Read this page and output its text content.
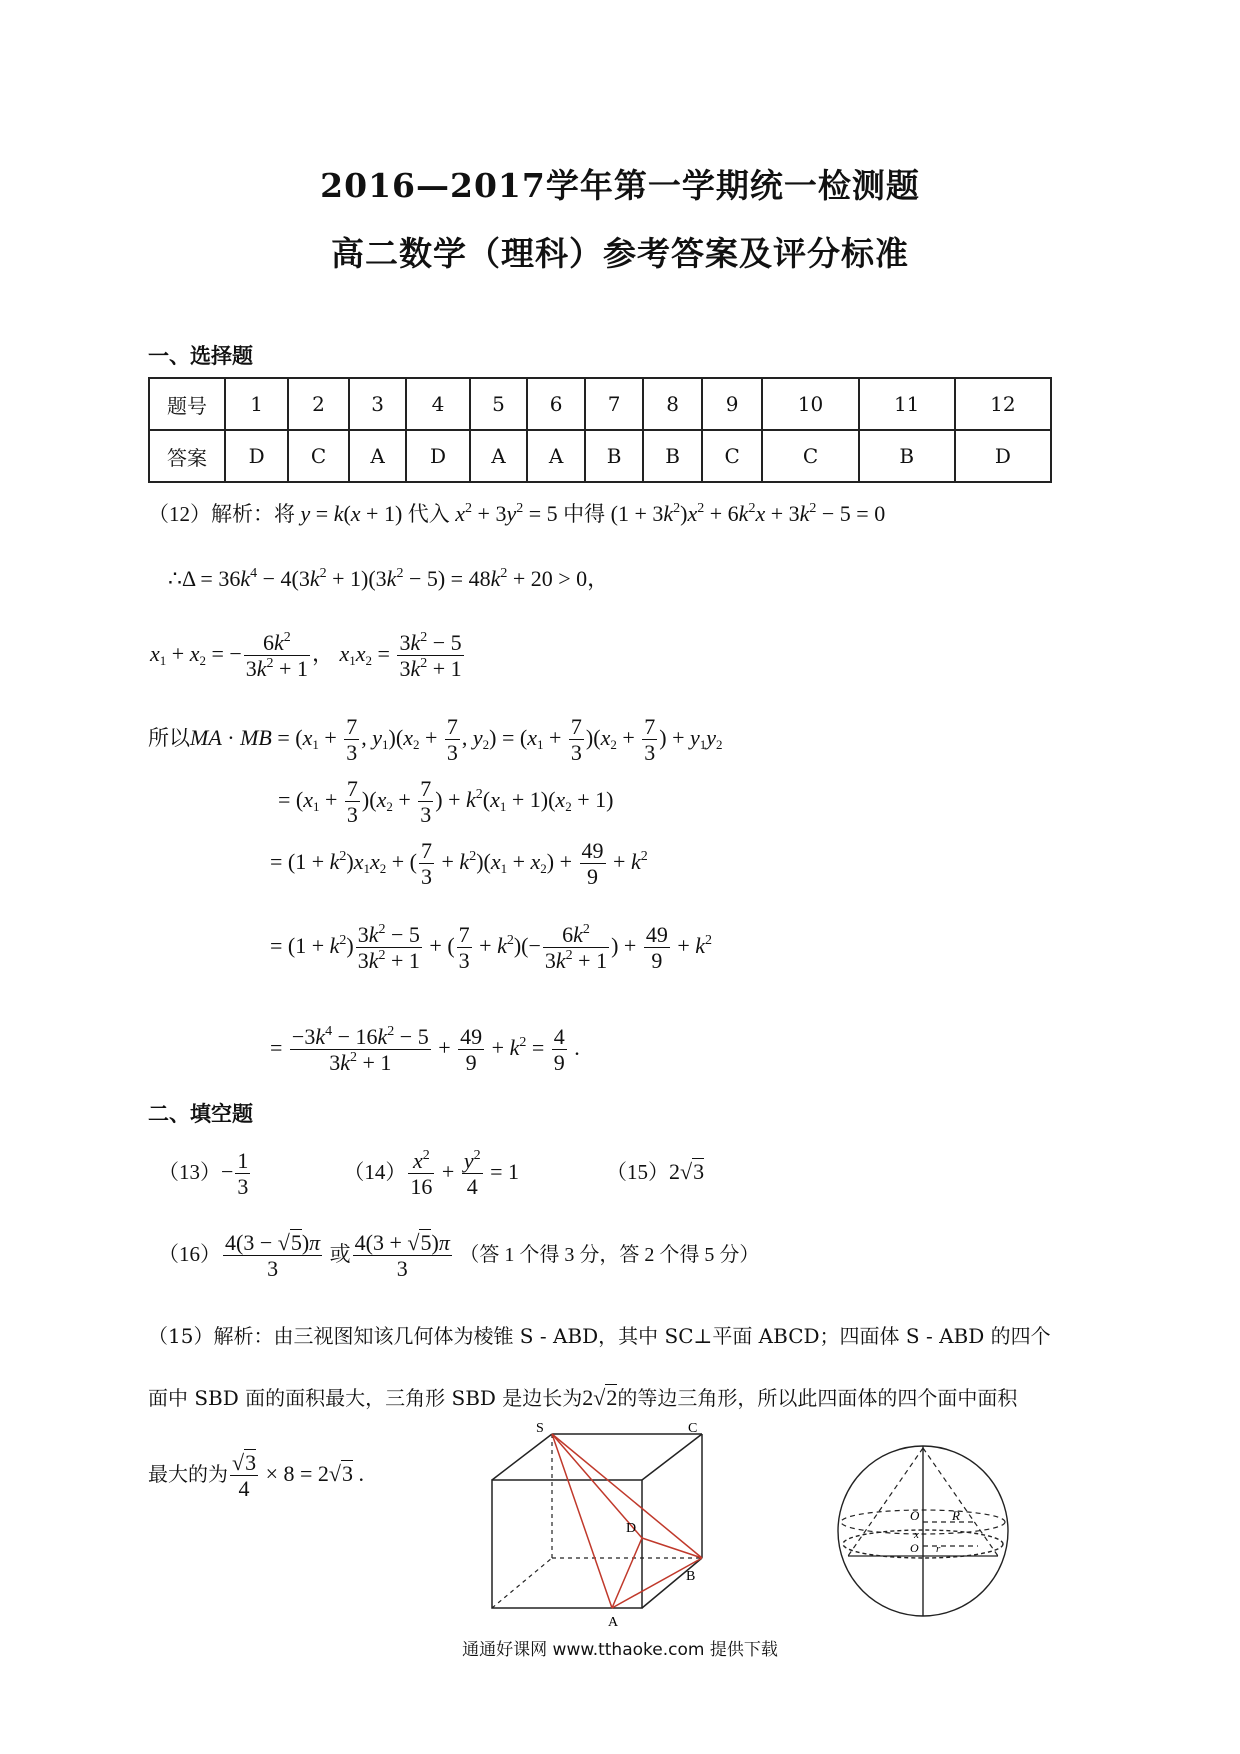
2016—2017学年第一学期统一检测题
高二数学（理科）参考答案及评分标准
一、选择题
题号	1	2	3	4	5	6	7	8	9	10	11	12
答案	D	C	A	D	A	A	B	B	C	C	B	D
（12）解析：将 y = k(x + 1) 代入 $x^2 + 3y^2 = 5$ 中得 $(1 + 3k^2)x^2 + 6k^2x + 3k^2 - 5 = 0$
∴Δ = $36k^4 - 4(3k^2 + 1)(3k^2 - 5) = 48k^2 + 20 > 0$，
$x_1 + x_2$ = − $\frac{6k^2}{3k^2 + 1}$ ， $x_1x_2 = \frac{3k^2 - 5}{3k^2 + 1}$
所以MA · MB = ($x_1 + \frac{7}{3}$ , $y_1)(x_2 + \frac{7}{3}$ , $y_2) = (x_1 + \frac{7}{3} )(x_2 + \frac{7}{3}$ ) + $y_1y_2$
= $(x_1 + \frac{7}{3} )(x_2 + \frac{7}{3}$ ) + $k^2(x_1 + 1)(x_2 + 1)$
= $(1 + k^2)x_1x_2$ + ( $\frac{7}{3} + k^2)(x_1 + x_2) + \frac{49}{9} + k^2$
= $(1 + k^2) \frac{3k^2 - 5}{3k^2 + 1}$ + ( $\frac{7}{3} + k^2)(- \frac{6k^2}{3k^2 + 1}$ ) + $\frac{49}{9} + k^2$
= $\frac{-3k^4 - 16k^2 - 5}{3k^2 + 1} + \frac{49}{9} + k^2 = \frac{4}{9}$ .
二、填空题
$(13)- \frac{1}{3}$	$(14) \frac{x^2}{16} + \frac{y^2}{4} = 1$	（15）2√3
$(16) \frac{4(3 - √5)\pi}{3}$ 或 $\frac{4(3 + √5)\pi}{3}$ （答 1 个得 3 分，答 2 个得 5 分）
（15）解析：由三视图知该几何体为棱锥 S - ABD，其中 SC⊥平面 ABCD；四面体 S - ABD 的四个
面中 SBD 面的面积最大，三角形 SBD 是边长为2√2的等边三角形，所以此四面体的四个面中面积
最大的为 $\frac{√3}{4} \times 8 = 2√3$ .
S	C
D
B
A
O	R
x
O r
通通好课网 www.tthaoke.com 提供下载
